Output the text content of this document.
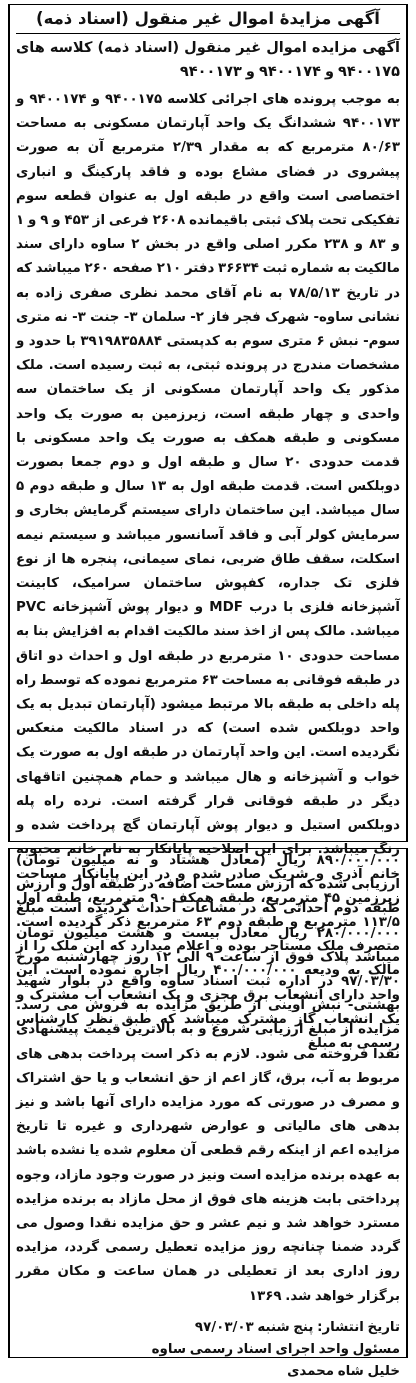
آگهی مزایدهٔ اموال غیر منقول (اسناد ذمه)

آگهی مزایده اموال غیر منقول (اسناد ذمه) کلاسه های ۹۴۰۰۱۷۵ و ۹۴۰۰۱۷۴ و ۹۴۰۰۱۷۳

به موجب پرونده های اجرائی کلاسه ۹۴۰۰۱۷۵ و ۹۴۰۰۱۷۴ و ۹۴۰۰۱۷۳ ششدانگ یک واحد آپارتمان مسکونی به مساحت ۸۰/۶۳ مترمربع که به مقدار ۲/۳۹ مترمربع آن به صورت پیشروی در فضای مشاع بوده و فاقد پارکینگ و انباری اختصاصی است واقع در طبقه اول به عنوان قطعه سوم تفکیکی تحت پلاک ثبتی باقیمانده ۲۶۰۸ فرعی از ۴۵۳ و ۹ و ۱ و ۸۳ و ۲۳۸ مکرر اصلی واقع در بخش ۲ ساوه دارای سند مالکیت به شماره ثبت ۳۶۶۳۴ دفتر ۲۱۰ صفحه ۲۶۰ میباشد که در تاریخ ۷۸/۵/۱۳ به نام آقای محمد نظری صفری زاده به نشانی ساوه- شهرک فجر فاز ۲- سلمان ۳- جنت ۳- نه متری سوم- نبش ۶ متری سوم به کدپستی ۳۹۱۹۸۳۵۸۸۴ با حدود و مشخصات مندرج در پرونده ثبتی، به ثبت رسیده است. ملک مذکور یک واحد آپارتمان مسکونی از یک ساختمان سه واحدی و چهار طبقه است، زیرزمین به صورت یک واحد مسکونی و طبقه همکف به صورت یک واحد مسکونی با قدمت حدودی ۲۰ سال و طبقه اول و دوم جمعا بصورت دوبلکس است. قدمت طبقه اول به ۱۳ سال و طبقه دوم ۵ سال میباشد. این ساختمان دارای سیستم گرمایش بخاری و سرمایش کولر آبی و فاقد آسانسور میباشد و سیستم نیمه اسکلت، سقف طاق ضربی، نمای سیمانی، پنجره ها از نوع فلزی تک جداره، کفپوش ساختمان سرامیک، کابینت آشپزخانه فلزی با درب MDF و دیوار پوش آشپزخانه PVC میباشد. مالک پس از اخذ سند مالکیت اقدام به افزایش بنا به مساحت حدودی ۱۰ مترمربع در طبقه اول و احداث دو اتاق در طبقه فوقانی به مساحت ۶۳ مترمربع نموده که توسط راه پله داخلی به طبقه بالا مرتبط میشود (آپارتمان تبدیل به یک واحد دوبلکس شده است) که در اسناد مالکیت منعکس نگردیده است. این واحد آپارتمان در طبقه اول به صورت یک خواب و آشپزخانه و هال میباشد و حمام همچنین اتاقهای دیگر در طبقه فوقانی قرار گرفته است. نرده راه پله دوبلکس استیل و دیوار پوش آپارتمان گچ پرداخت شده و رنگ میباشد. برای این اصلاحیه پایانکار به نام خانم محبوبه خانم آذری و شریک صادر شده و در این پایانکار مساحت زیرزمین ۴۵ مترمربع، طبقه همکف ۹۰ مترمربع، طبقه اول ۱۱۳/۵ مترمربع و طبقه دوم ۶۳ مترمربع ذکر گردیده است. متصرف ملک مستاجر بوده و اعلام میدارد که این ملک را از مالک به ودیعه ۴۰۰/۰۰۰/۰۰۰ ریال اجاره نموده است. این واحد دارای انشعاب برق مجزی و یک انشعاب آب مشترک و یک انشعاب گاز مشترک میباشد که طبق نظر کارشناس رسمی به مبلغ

۸۹۰/۰۰۰/۰۰۰ ریال (معادل هشتاد و نه میلیون تومان) ارزیابی شده که ارزش مساحت اضافه در طبقه اول و ارزش طبقه دوم احداثی که در مشاعات احداث گردیده است مبلغ ۲۸۰/۰۰۰/۰۰۰ ریال معادل بیست و هشت میلیون تومان میباشد پلاک فوق از ساعت ۹ الی ۱۲ روز چهارشنبه مورخ ۹۷/۰۳/۳۰ در اداره ثبت اسناد ساوه واقع در بلوار شهید بهشتی- نبش آوینی از طریق مزایده به فروش می رسد. مزایده از مبلغ ارزیابی شروع و به بالاترین قیمت پیشنهادی نقدا فروخته می شود. لازم به ذکر است پرداخت بدهی های مربوط به آب، برق، گاز اعم از حق انشعاب و یا حق اشتراک و مصرف در صورتی که مورد مزایده دارای آنها باشد و نیز بدهی های مالیاتی و عوارض شهرداری و غیره تا تاریخ مزایده اعم از اینکه رقم قطعی آن معلوم شده یا نشده باشد به عهده برنده مزایده است ونیز در صورت وجود مازاد، وجوه پرداختی بابت هزینه های فوق از محل مازاد به برنده مزایده مسترد خواهد شد و نیم عشر و حق مزایده نقدا وصول می گردد ضمنا چنانچه روز مزایده تعطیل رسمی گردد، مزایده روز اداری بعد از تعطیلی در همان ساعت و مکان مقرر برگزار خواهد شد. ۱۳۶۹

تاریخ انتشار: پنج شنبه ۹۷/۰۳/۰۳

مسئول واحد اجرای اسناد رسمی ساوه

خلیل شاه محمدی
